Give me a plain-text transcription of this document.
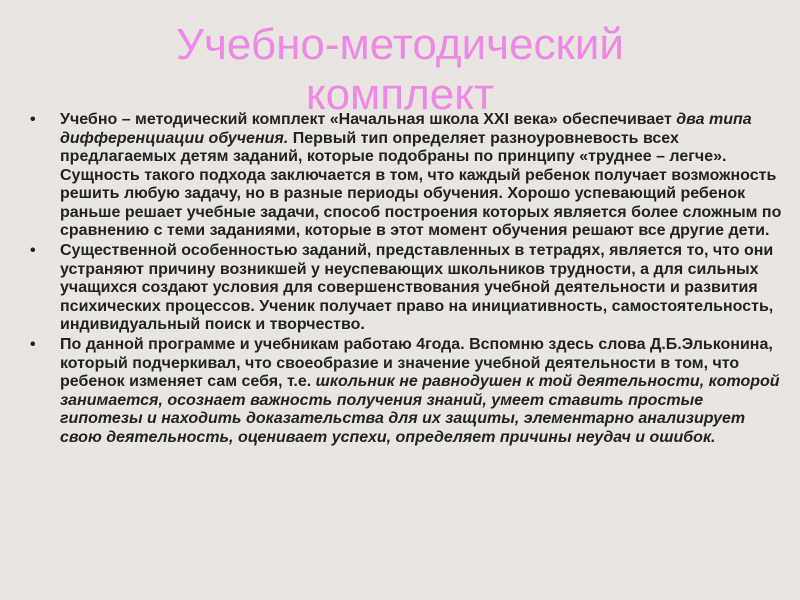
Учебно-методический
комплект
•	Учебно – методический комплект «Начальная школа XXI века» обеспечивает два типа дифференциации обучения. Первый тип определяет разноуровневость всех предлагаемых детям заданий, которые подобраны по принципу «труднее – легче». Сущность такого подхода заключается в том, что каждый ребенок получает возможность решить любую задачу, но в разные периоды обучения. Хорошо успевающий ребенок раньше решает учебные задачи, способ построения которых является более сложным по сравнению с теми заданиями, которые в этот момент обучения решают все другие дети.
•	Существенной особенностью заданий, представленных в тетрадях, является то, что они устраняют причину возникшей у неуспевающих школьников трудности, а для сильных учащихся создают условия для совершенствования учебной деятельности и развития психических процессов. Ученик получает право на инициативность, самостоятельность, индивидуальный поиск и творчество.
•	По данной программе и учебникам работаю 4года. Вспомню здесь слова Д.Б.Эльконина, который подчеркивал, что своеобразие и значение учебной деятельности в том, что ребенок изменяет сам себя, т.е. школьник не равнодушен к той деятельности, которой занимается, осознает важность получения знаний, умеет ставить простые гипотезы и находить доказательства для их защиты, элементарно анализирует свою деятельность, оценивает успехи, определяет причины неудач и ошибок.
